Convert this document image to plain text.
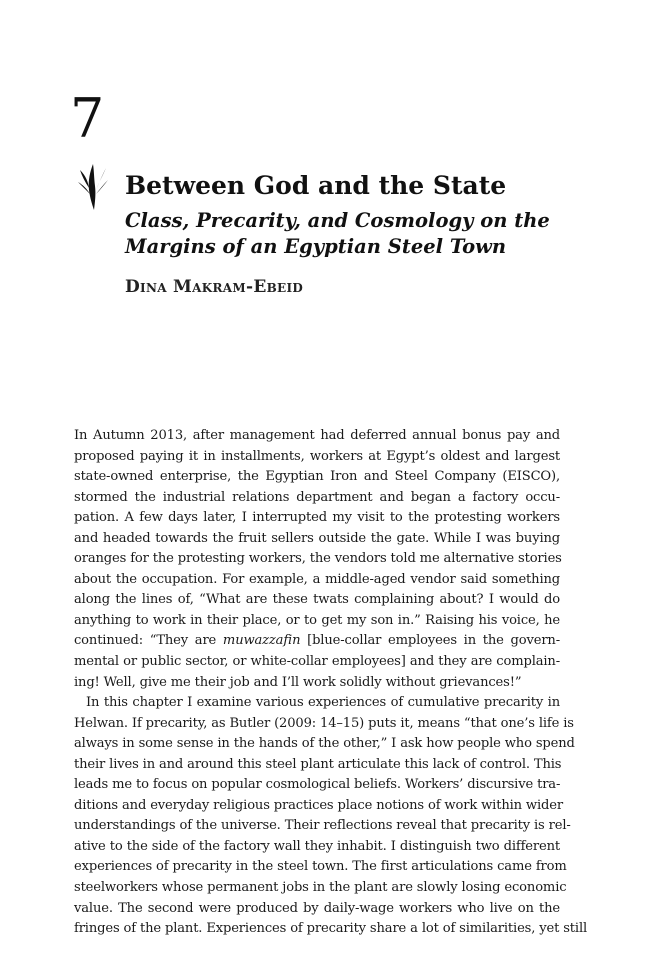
7
Between God and the State
Class, Precarity, and Cosmology on the
Margins of an Egyptian Steel Town
Dina Makram-Ebeid
In Autumn 2013, after management had deferred annual bonus pay and
proposed paying it in installments, workers at Egypt’s oldest and largest
state-owned enterprise, the Egyptian Iron and Steel Company (EISCO),
stormed the industrial relations department and began a factory occu-
pation. A few days later, I interrupted my visit to the protesting workers
and headed towards the fruit sellers outside the gate. While I was buying
oranges for the protesting workers, the vendors told me alternative stories
about the occupation. For example, a middle-aged vendor said something
along the lines of, “What are these twats complaining about? I would do
anything to work in their place, or to get my son in.” Raising his voice, he
continued: “They are muwazzafin [blue-collar employees in the govern-
mental or public sector, or white-collar employees] and they are complain-
ing! Well, give me their job and I’ll work solidly without grievances!”
In this chapter I examine various experiences of cumulative precarity in
Helwan. If precarity, as Butler (2009: 14–15) puts it, means “that one’s life is
always in some sense in the hands of the other,” I ask how people who spend
their lives in and around this steel plant articulate this lack of control. This
leads me to focus on popular cosmological beliefs. Workers’ discursive tra-
ditions and everyday religious practices place notions of work within wider
understandings of the universe. Their reflections reveal that precarity is rel-
ative to the side of the factory wall they inhabit. I distinguish two different
experiences of precarity in the steel town. The first articulations came from
steelworkers whose permanent jobs in the plant are slowly losing economic
value. The second were produced by daily-wage workers who live on the
fringes of the plant. Experiences of precarity share a lot of similarities, yet still
